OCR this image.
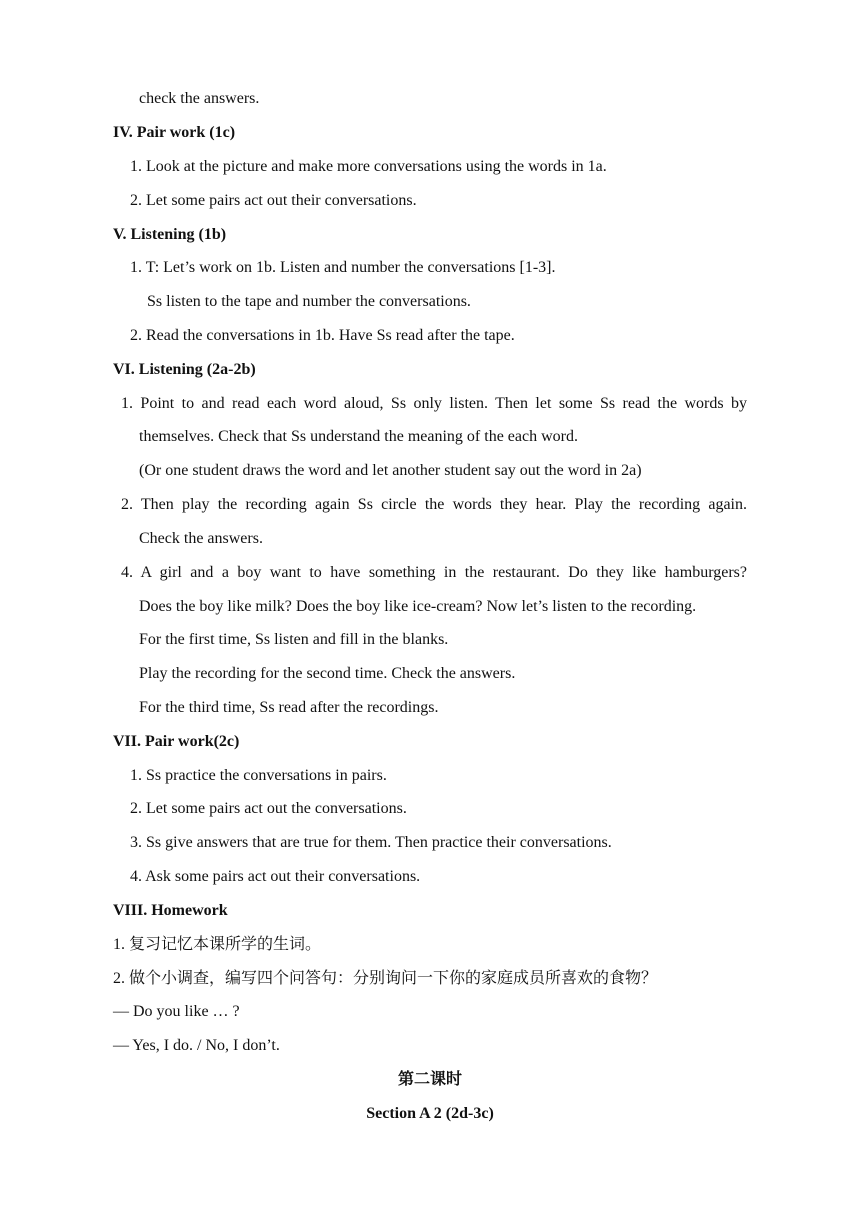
check the answers.
IV. Pair work (1c)
1. Look at the picture and make more conversations using the words in 1a.
2. Let some pairs act out their conversations.
V. Listening (1b)
1. T: Let’s work on 1b. Listen and number the conversations [1-3].
Ss listen to the tape and number the conversations.
2. Read the conversations in 1b. Have Ss read after the tape.
VI. Listening (2a-2b)
1. Point to and read each word aloud, Ss only listen. Then let some Ss read the words by
themselves. Check that Ss understand the meaning of the each word.
(Or one student draws the word and let another student say out the word in 2a)
2. Then play the recording again Ss circle the words they hear. Play the recording again.
Check the answers.
4. A girl and a boy want to have something in the restaurant. Do they like hamburgers?
Does the boy like milk? Does the boy like ice-cream? Now let’s listen to the recording.
For the first time, Ss listen and fill in the blanks.
Play the recording for the second time. Check the answers.
For the third time, Ss read after the recordings.
VII. Pair work(2c)
1. Ss practice the conversations in pairs.
2. Let some pairs act out the conversations.
3. Ss give answers that are true for them. Then practice their conversations.
4. Ask some pairs act out their conversations.
VIII. Homework
1. 复习记忆本课所学的生词。
2. 做个小调查，编写四个问答句：分别询问一下你的家庭成员所喜欢的食物？
— Do you like … ?
— Yes, I do. / No, I don’t.
第二课时
Section A 2 (2d-3c)
